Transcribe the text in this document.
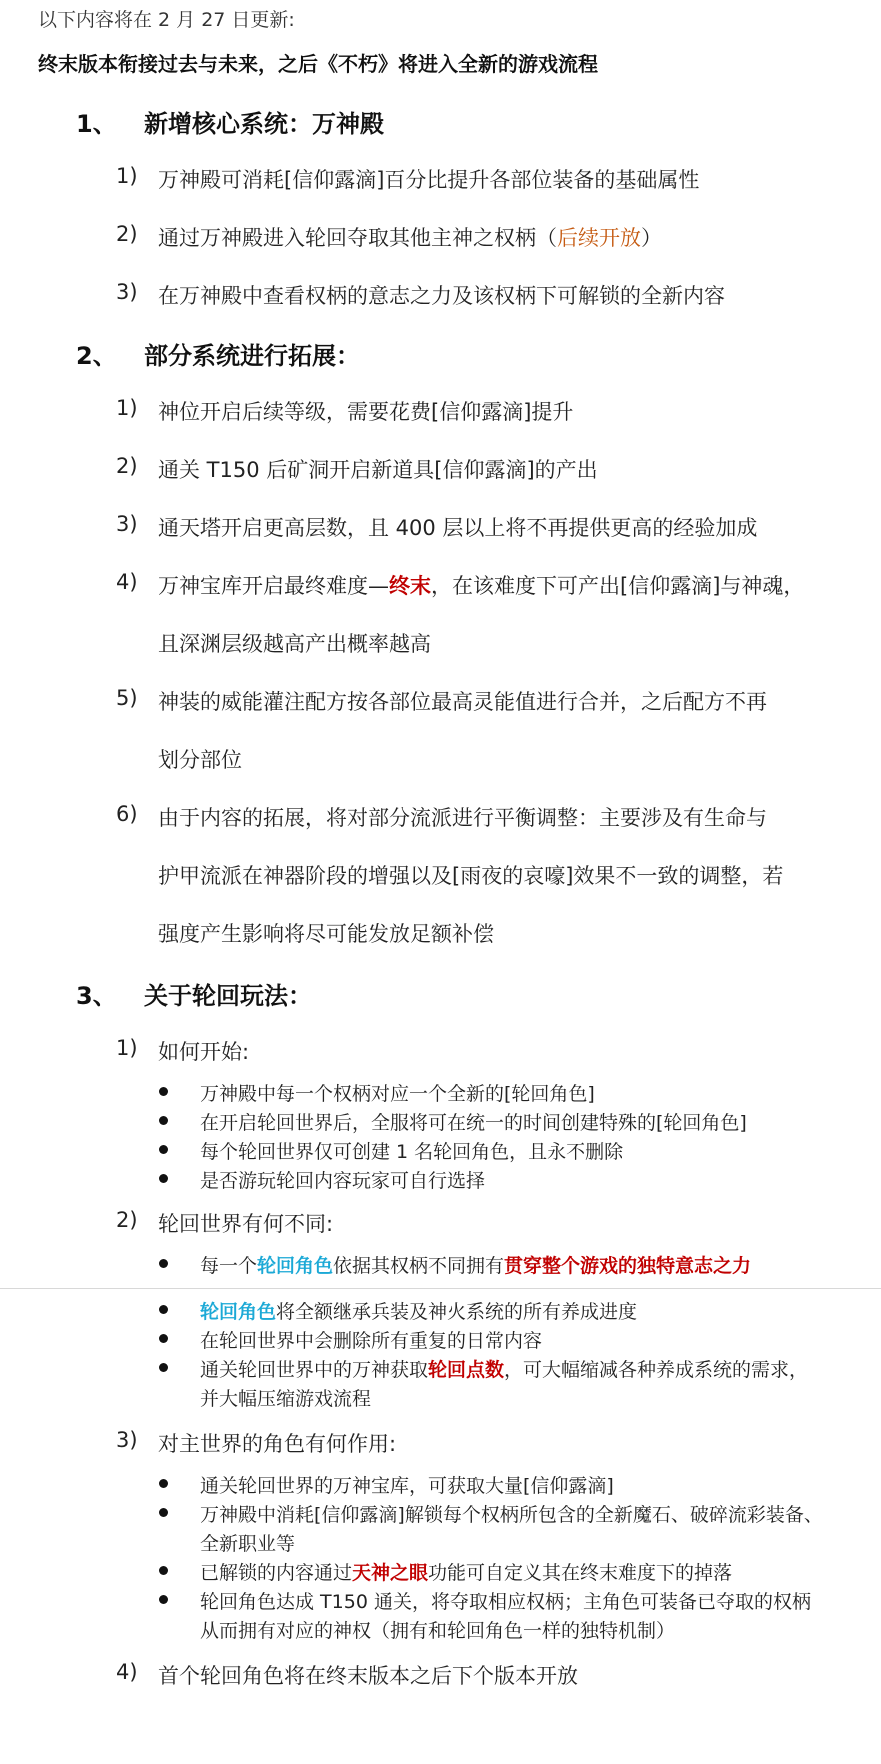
以下内容将在 2 月 27 日更新:
终末版本衔接过去与未来，之后《不朽》将进入全新的游戏流程
1、 新增核心系统：万神殿
1) 万神殿可消耗[信仰露滴]百分比提升各部位装备的基础属性
2) 通过万神殿进入轮回夺取其他主神之权柄（后续开放）
3) 在万神殿中查看权柄的意志之力及该权柄下可解锁的全新内容
2、 部分系统进行拓展：
1) 神位开启后续等级，需要花费[信仰露滴]提升
2) 通关 T150 后矿洞开启新道具[信仰露滴]的产出
3) 通天塔开启更高层数，且 400 层以上将不再提供更高的经验加成
4) 万神宝库开启最终难度—终末，在该难度下可产出[信仰露滴]与神魂，
且深渊层级越高产出概率越高
5) 神装的威能灌注配方按各部位最高灵能值进行合并，之后配方不再
划分部位
6) 由于内容的拓展，将对部分流派进行平衡调整：主要涉及有生命与
护甲流派在神器阶段的增强以及[雨夜的哀嚎]效果不一致的调整，若
强度产生影响将尽可能发放足额补偿
3、 关于轮回玩法：
1) 如何开始:
万神殿中每一个权柄对应一个全新的[轮回角色]
在开启轮回世界后，全服将可在统一的时间创建特殊的[轮回角色]
每个轮回世界仅可创建 1 名轮回角色，且永不删除
是否游玩轮回内容玩家可自行选择
2) 轮回世界有何不同:
每一个轮回角色依据其权柄不同拥有贯穿整个游戏的独特意志之力
轮回角色将全额继承兵装及神火系统的所有养成进度
在轮回世界中会删除所有重复的日常内容
通关轮回世界中的万神获取轮回点数，可大幅缩减各种养成系统的需求，
并大幅压缩游戏流程
3) 对主世界的角色有何作用:
通关轮回世界的万神宝库，可获取大量[信仰露滴]
万神殿中消耗[信仰露滴]解锁每个权柄所包含的全新魔石、破碎流彩装备、
全新职业等
已解锁的内容通过天神之眼功能可自定义其在终末难度下的掉落
轮回角色达成 T150 通关，将夺取相应权柄；主角色可装备已夺取的权柄
从而拥有对应的神权（拥有和轮回角色一样的独特机制）
4) 首个轮回角色将在终末版本之后下个版本开放
